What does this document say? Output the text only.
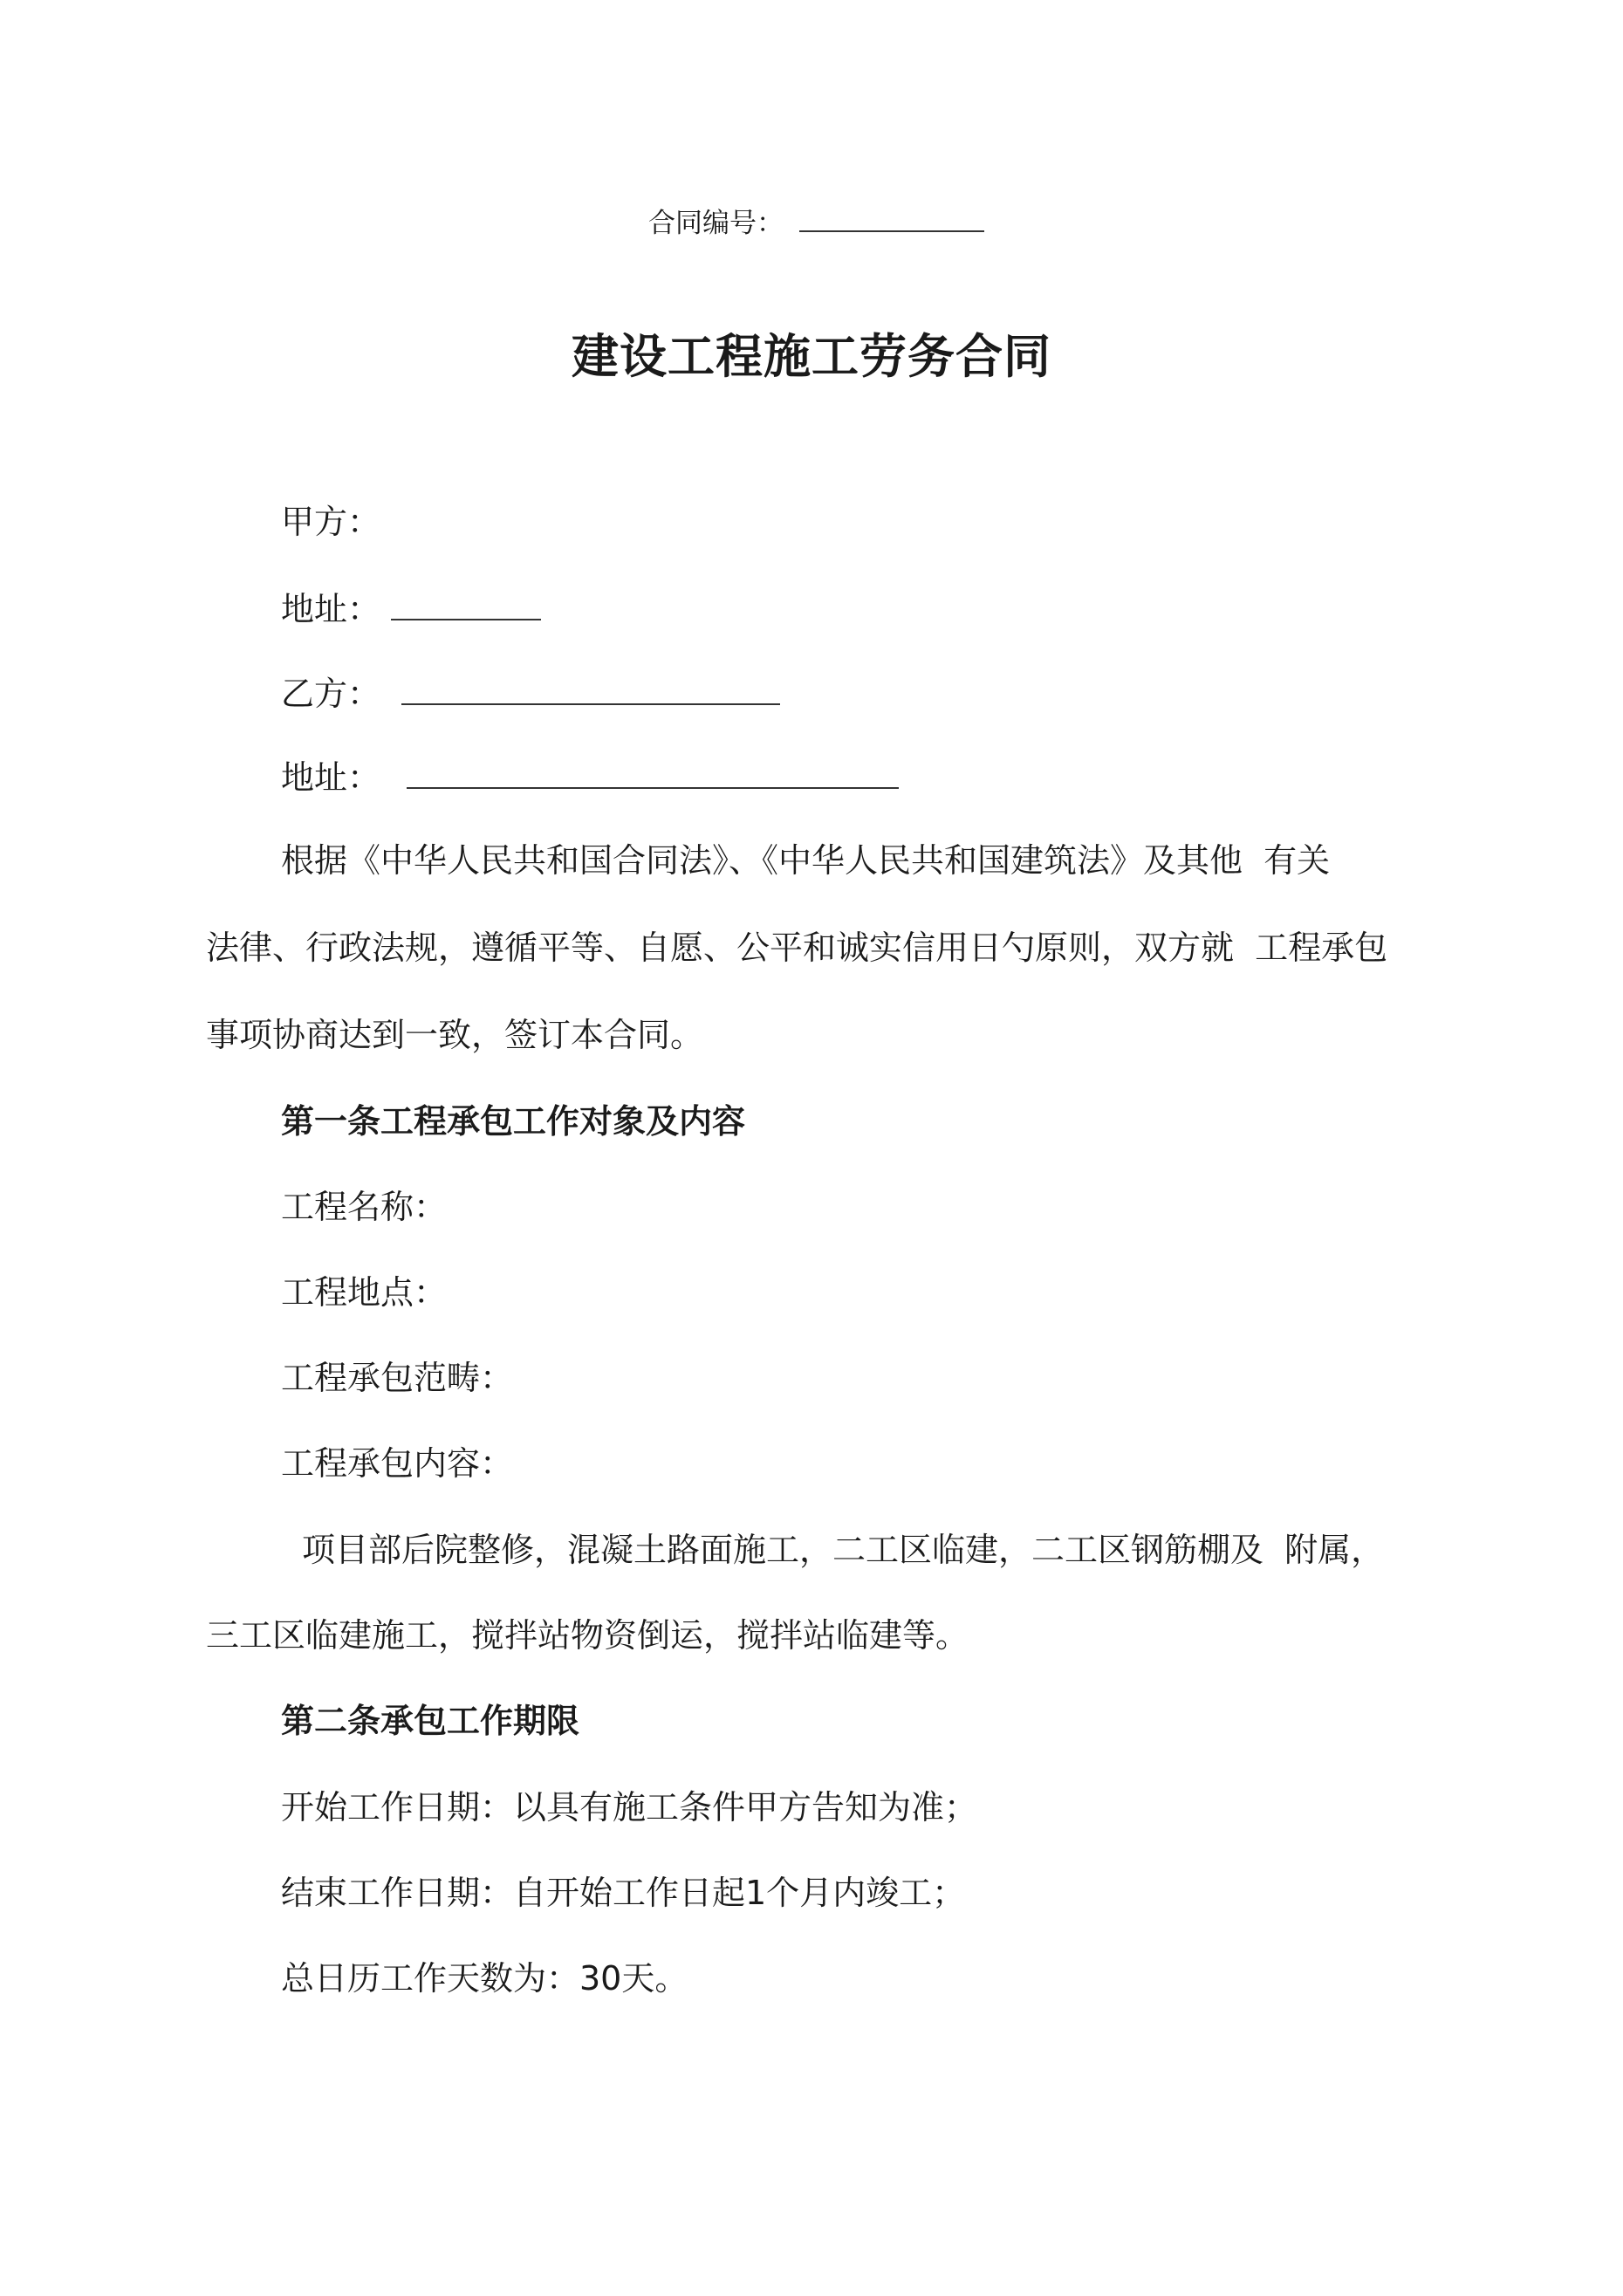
合同编号：
建设工程施工劳务合同
甲方：
地址：
乙方：
地址：
根据《中华人民共和国合同法》、《中华人民共和国建筑法》及其他  有关
法律、行政法规，遵循平等、自愿、公平和诚实信用日勺原则，双方就  工程承包
事项协商达到一致，签订本合同。
第一条工程承包工作对象及内容
工程名称：
工程地点：
工程承包范畴：
工程承包内容：
项目部后院整修，混凝土路面施工，二工区临建，二工区钢筋棚及  附属，
三工区临建施工，搅拌站物资倒运，搅拌站临建等。
第二条承包工作期限
开始工作日期：以具有施工条件甲方告知为准；
结束工作日期：自开始工作日起1个月内竣工；
总日历工作天数为：30天。
